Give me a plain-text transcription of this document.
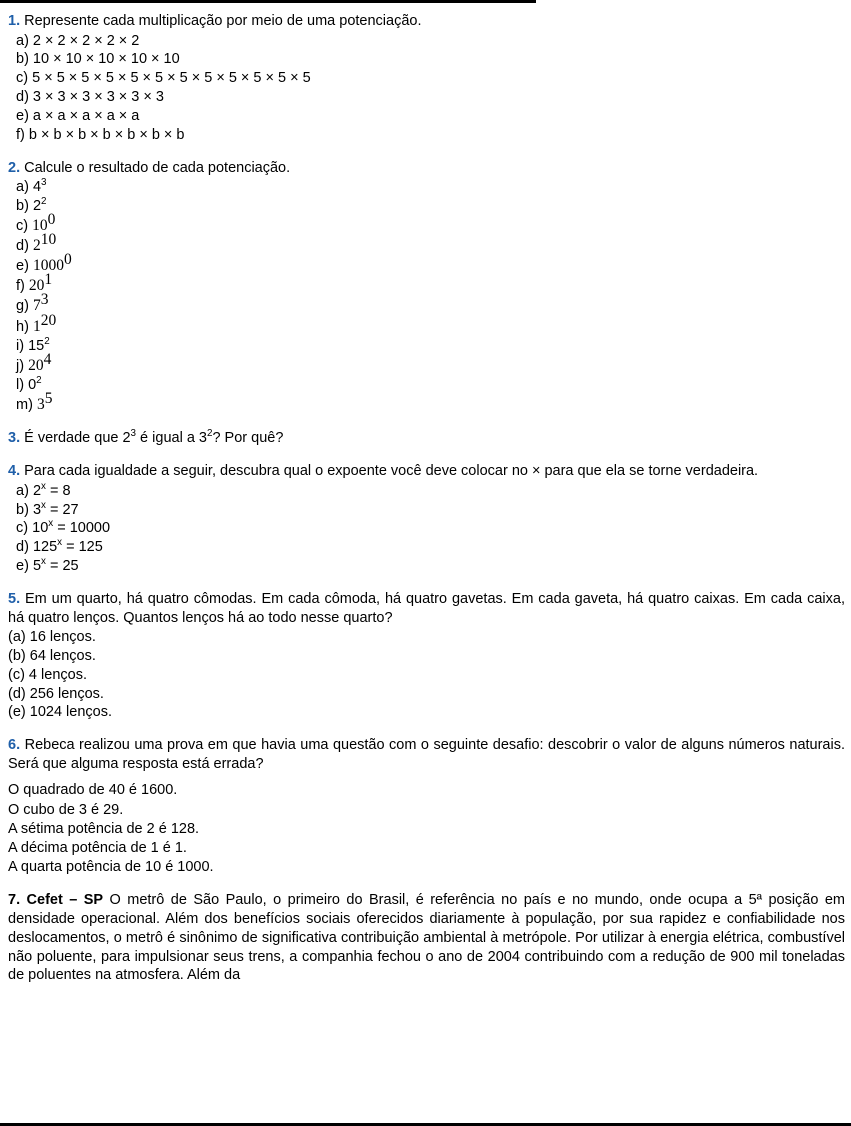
1. Represente cada multiplicação por meio de uma potenciação.

a) 2 × 2 × 2 × 2 × 2

b) 10 × 10 × 10 × 10 × 10

c) 5 × 5 × 5 × 5 × 5 × 5 × 5 × 5 × 5 × 5 × 5 × 5

d) 3 × 3 × 3 × 3 × 3 × 3

e) a × a × a × a × a

f) b × b × b × b × b × b × b

2. Calcule o resultado de cada potenciação.

a) $4^3$

b) $2^2$

c) $10^0$

d) $2^{10}$

e) 1000$^0$

f) $20^1$

g) $7^3$

h) $1^{20}$

i) $15^2$

j) $20^4$

l) $0^2$

m) $3^5$

3. É verdade que $2^3$ é igual a $3^2$? Por quê?

4. Para cada igualdade a seguir, descubra qual o expoente você deve colocar no × para que ela se torne verdadeira.

a) $2^x = 8$

b) $3^x = 27$

c) $10^x = 10000$

d) $125^x = 125$

e) $5^x = 25$

5. Em um quarto, há quatro cômodas. Em cada cômoda, há quatro gavetas. Em cada gaveta, há quatro caixas. Em cada caixa, há quatro lenços. Quantos lenços há ao todo nesse quarto?

(a) 16 lenços.

(b) 64 lenços.

(c) 4 lenços.

(d) 256 lenços.

(e) 1024 lenços.

6. Rebeca realizou uma prova em que havia uma questão com o seguinte desafio: descobrir o valor de alguns números naturais. Será que alguma resposta está errada?

O quadrado de 40 é 1600.

O cubo de 3 é 29.

A sétima potência de 2 é 128.

A décima potência de 1 é 1.

A quarta potência de 10 é 1000.

7. Cefet – SP O metrô de São Paulo, o primeiro do Brasil, é referência no país e no mundo, onde ocupa a 5ª posição em densidade operacional. Além dos benefícios sociais oferecidos diariamente à população, por sua rapidez e confiabilidade nos deslocamentos, o metrô é sinônimo de significativa contribuição ambiental à metrópole. Por utilizar à energia elétrica, combustível não poluente, para impulsionar seus trens, a companhia fechou o ano de 2004 contribuindo com a redução de 900 mil toneladas de poluentes na atmosfera. Além da
